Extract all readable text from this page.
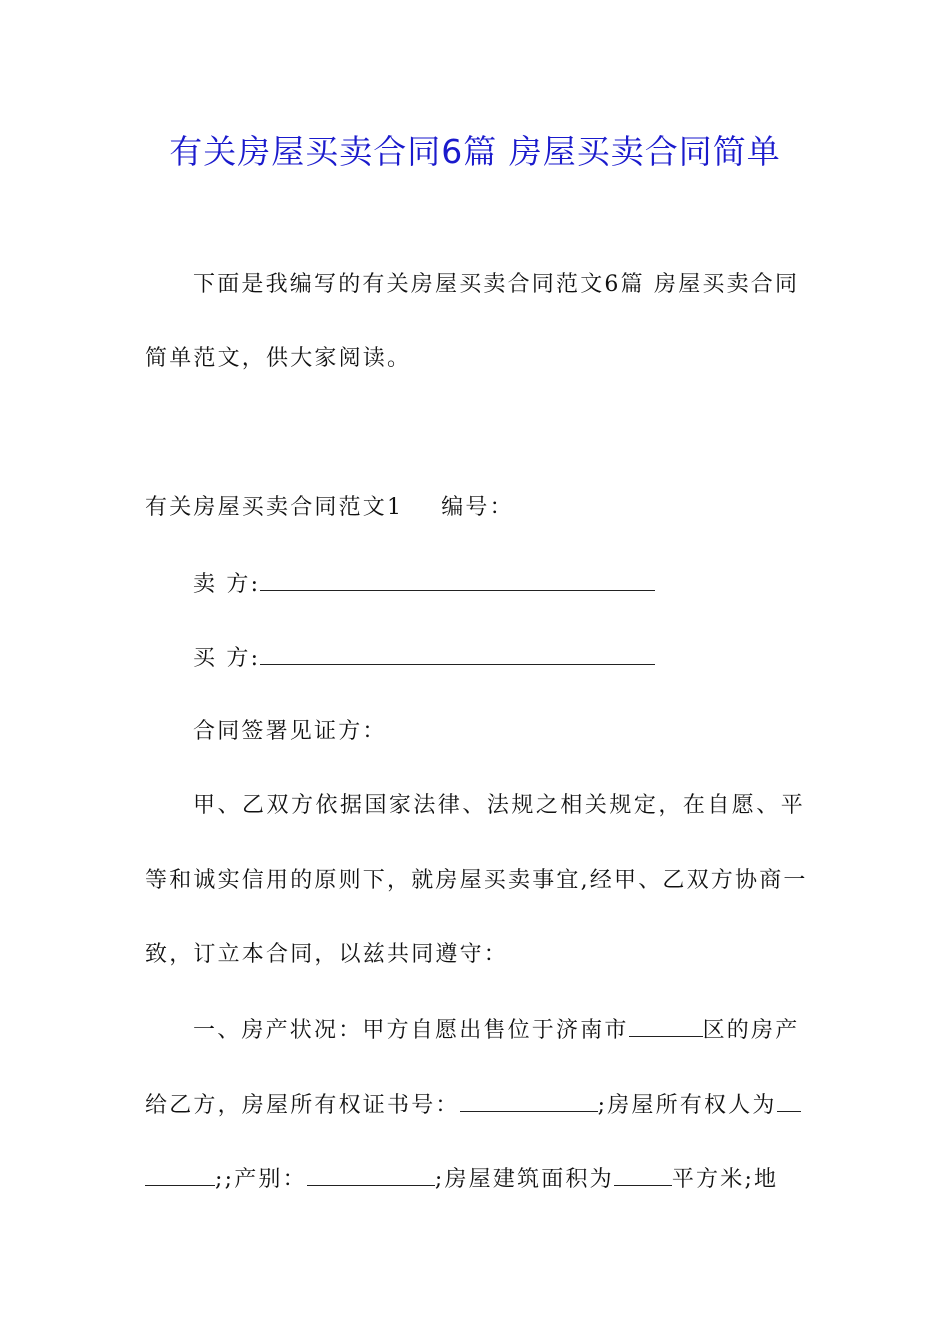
有关房屋买卖合同6篇 房屋买卖合同简单
下面是我编写的有关房屋买卖合同范文6篇 房屋买卖合同
简单范文，供大家阅读。
有关房屋买卖合同范文1 编号：
卖 方:
买 方:
合同签署见证方：
甲、乙双方依据国家法律、法规之相关规定，在自愿、平
等和诚实信用的原则下，就房屋买卖事宜,经甲、乙双方协商一
致，订立本合同，以兹共同遵守：
一、房产状况：甲方自愿出售位于济南市	区的房产
给乙方，房屋所有权证书号：	;房屋所有权人为
;;产别：	;房屋建筑面积为	平方米;地
